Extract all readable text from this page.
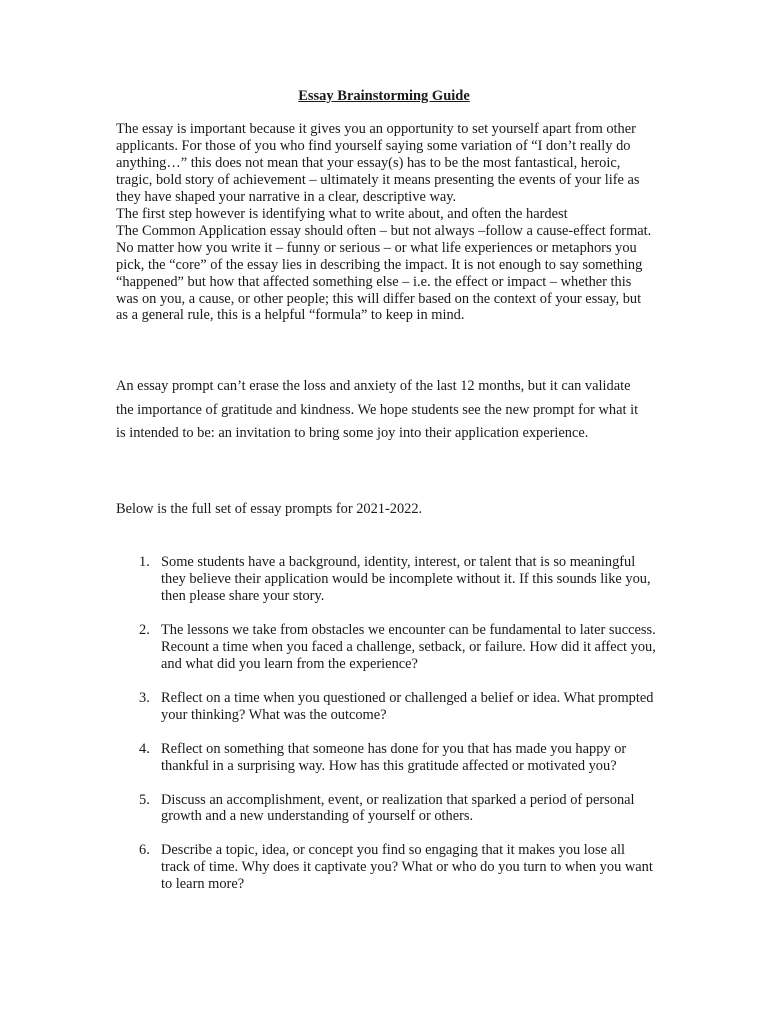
Essay Brainstorming Guide

The essay is important because it gives you an opportunity to set yourself apart from other applicants. For those of you who find yourself saying some variation of “I don’t really do anything…” this does not mean that your essay(s) has to be the most fantastical, heroic, tragic, bold story of achievement – ultimately it means presenting the events of your life as they have shaped your narrative in a clear, descriptive way.

The first step however is identifying what to write about, and often the hardest

The Common Application essay should often – but not always –follow a cause-effect format.

No matter how you write it – funny or serious – or what life experiences or metaphors you pick, the “core” of the essay lies in describing the impact. It is not enough to say something “happened” but how that affected something else – i.e. the effect or impact – whether this was on you, a cause, or other people; this will differ based on the context of your essay, but as a general rule, this is a helpful “formula” to keep in mind.

An essay prompt can’t erase the loss and anxiety of the last 12 months, but it can validate the importance of gratitude and kindness. We hope students see the new prompt for what it is intended to be: an invitation to bring some joy into their application experience.

Below is the full set of essay prompts for 2021-2022.

1. Some students have a background, identity, interest, or talent that is so meaningful they believe their application would be incomplete without it. If this sounds like you, then please share your story.
2. The lessons we take from obstacles we encounter can be fundamental to later success. Recount a time when you faced a challenge, setback, or failure. How did it affect you, and what did you learn from the experience?
3. Reflect on a time when you questioned or challenged a belief or idea. What prompted your thinking? What was the outcome?
4. Reflect on something that someone has done for you that has made you happy or thankful in a surprising way. How has this gratitude affected or motivated you?
5. Discuss an accomplishment, event, or realization that sparked a period of personal growth and a new understanding of yourself or others.
6. Describe a topic, idea, or concept you find so engaging that it makes you lose all track of time. Why does it captivate you? What or who do you turn to when you want to learn more?
